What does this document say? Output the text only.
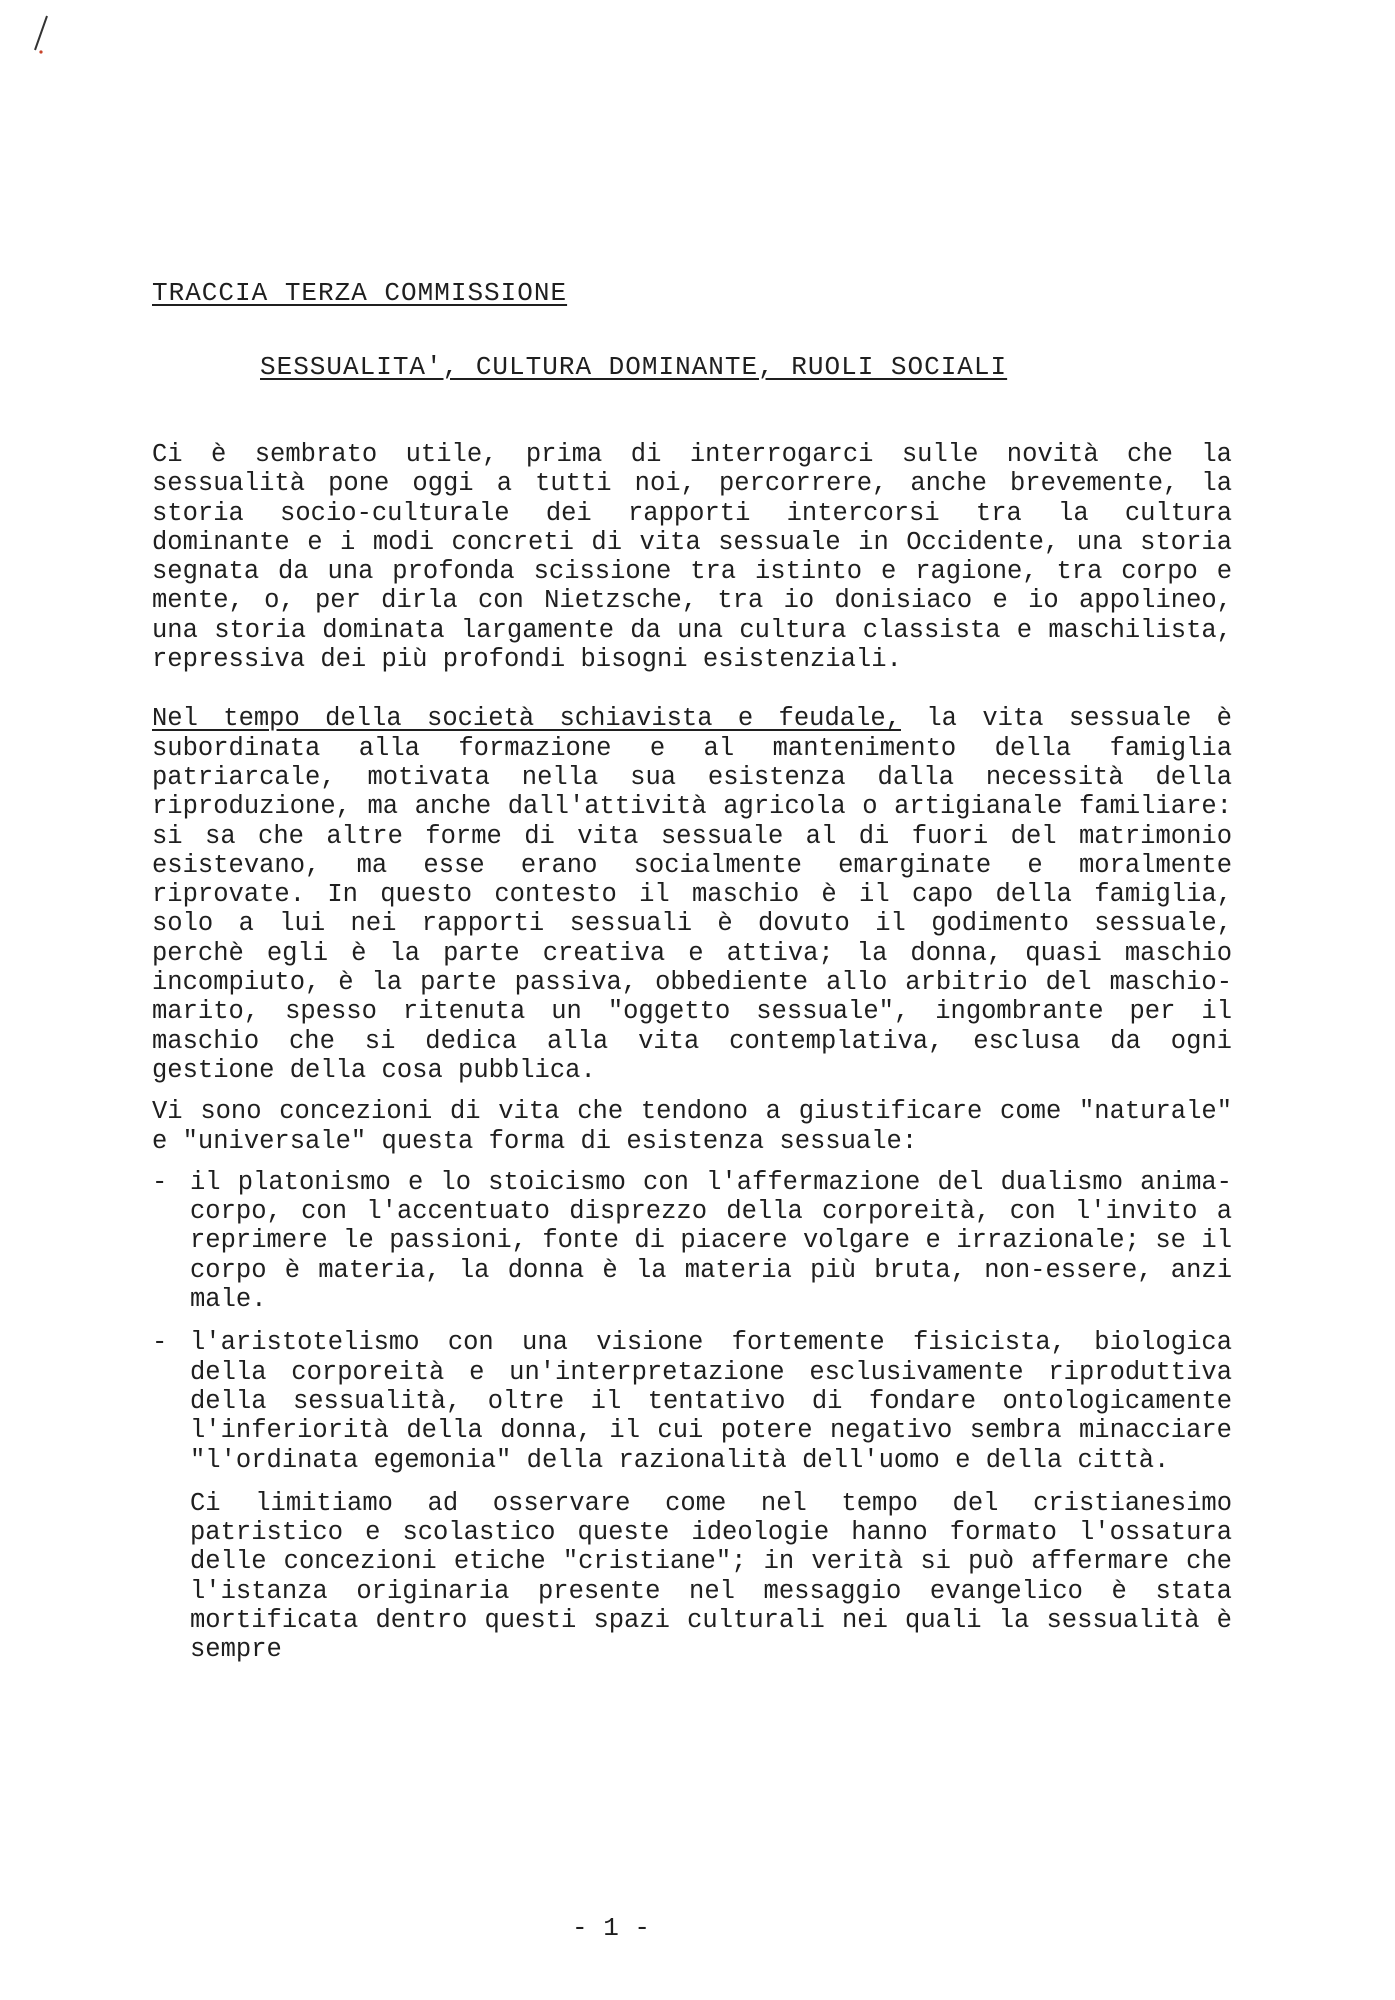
TRACCIA TERZA COMMISSIONE
SESSUALITA', CULTURA DOMINANTE, RUOLI SOCIALI

Ci è sembrato utile, prima di interrogarci sulle novità che la sessualità pone oggi a tutti noi, percorrere, anche brevemente, la storia socio-culturale dei rapporti intercorsi tra la cultura dominante e i modi concreti di vita sessuale in Occidente, una storia segnata da una profonda scissione tra istinto e ragione, tra corpo e mente, o, per dirla con Nietzsche, tra io donisiaco e io appolineo, una storia dominata largamente da una cultura classista e maschilista, repressiva dei più profondi bisogni esistenziali.

Nel tempo della società schiavista e feudale, la vita sessuale è subordinata alla formazione e al mantenimento della famiglia patriarcale, motivata nella sua esistenza dalla necessità della riproduzione, ma anche dall'attività agricola o artigianale familiare: si sa che altre forme di vita sessuale al di fuori del matrimonio esistevano, ma esse erano socialmente emarginate e moralmente riprovate. In questo contesto il maschio è il capo della famiglia, solo a lui nei rapporti sessuali è dovuto il godimento sessuale, perchè egli è la parte creativa e attiva; la donna, quasi maschio incompiuto, è la parte passiva, obbediente allo arbitrio del maschio-marito, spesso ritenuta un "oggetto sessuale", ingombrante per il maschio che si dedica alla vita contemplativa, esclusa da ogni gestione della cosa pubblica.

Vi sono concezioni di vita che tendono a giustificare come "naturale" e "universale" questa forma di esistenza sessuale:

- il platonismo e lo stoicismo con l'affermazione del dualismo anima-corpo, con l'accentuato disprezzo della corporeità, con l'invito a reprimere le passioni, fonte di piacere volgare e irrazionale; se il corpo è materia, la donna è la materia più bruta, non-essere, anzi male.
- l'aristotelismo con una visione fortemente fisicista, biologica della corporeità e un'interpretazione esclusivamente riproduttiva della sessualità, oltre il tentativo di fondare ontologicamente l'inferiorità della donna, il cui potere negativo sembra minacciare "l'ordinata egemonia" della razionalità dell'uomo e della città.

Ci limitiamo ad osservare come nel tempo del cristianesimo patristico e scolastico queste ideologie hanno formato l'ossatura delle concezioni etiche "cristiane"; in verità si può affermare che l'istanza originaria presente nel messaggio evangelico è stata mortificata dentro questi spazi culturali nei quali la sessualità è sempre

- 1 -
